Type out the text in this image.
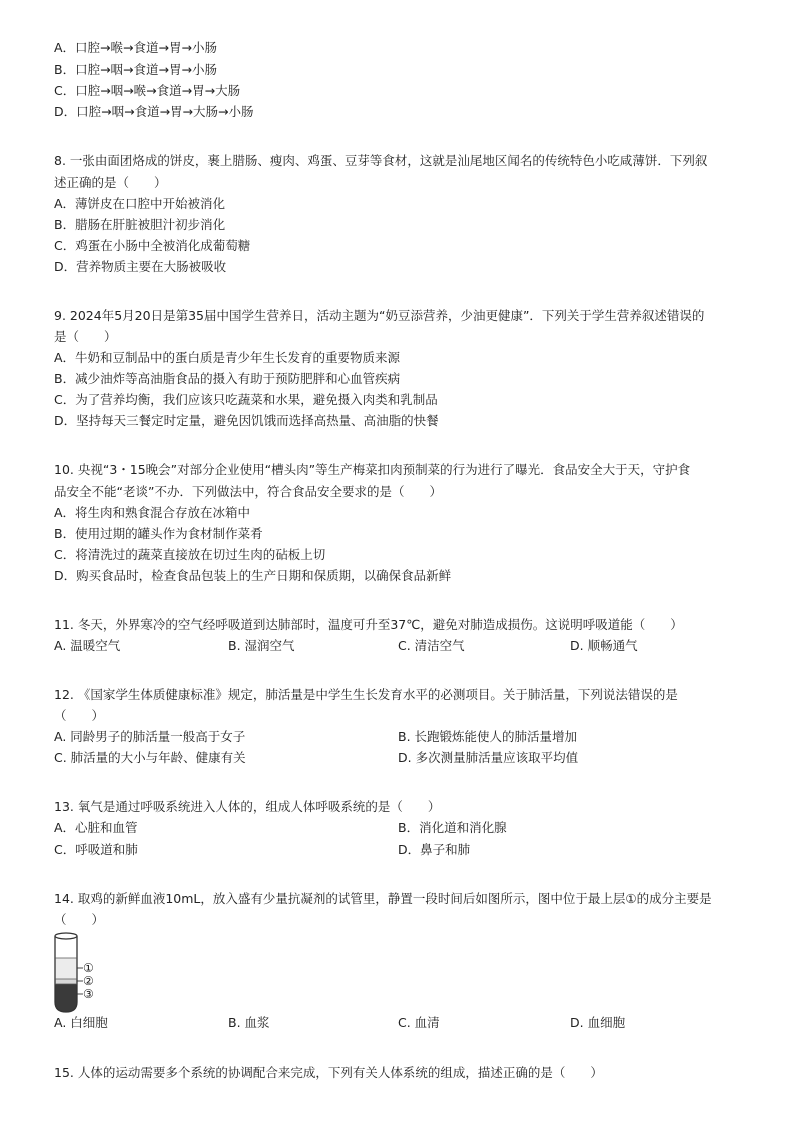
A．口腔→喉→食道→胃→小肠
B．口腔→咽→食道→胃→小肠
C．口腔→咽→喉→食道→胃→大肠
D．口腔→咽→食道→胃→大肠→小肠
8. 一张由面团烙成的饼皮，裹上腊肠、瘦肉、鸡蛋、豆芽等食材，这就是汕尾地区闻名的传统特色小吃咸薄饼．下列叙
述正确的是（　　）
A．薄饼皮在口腔中开始被消化
B．腊肠在肝脏被胆汁初步消化
C．鸡蛋在小肠中全被消化成葡萄糖
D．营养物质主要在大肠被吸收
9. 2024年5月20日是第35届中国学生营养日，活动主题为“奶豆添营养，少油更健康”．下列关于学生营养叙述错误的
是（　　）
A．牛奶和豆制品中的蛋白质是青少年生长发育的重要物质来源
B．减少油炸等高油脂食品的摄入有助于预防肥胖和心血管疾病
C．为了营养均衡，我们应该只吃蔬菜和水果，避免摄入肉类和乳制品
D．坚持每天三餐定时定量，避免因饥饿而选择高热量、高油脂的快餐
10. 央视“3・15晚会”对部分企业使用“槽头肉”等生产梅菜扣肉预制菜的行为进行了曝光．食品安全大于天，守护食
品安全不能“老谈”不办．下列做法中，符合食品安全要求的是（　　）
A．将生肉和熟食混合存放在冰箱中
B．使用过期的罐头作为食材制作菜肴
C．将清洗过的蔬菜直接放在切过生肉的砧板上切
D．购买食品时，检查食品包装上的生产日期和保质期，以确保食品新鲜
11. 冬天，外界寒冷的空气经呼吸道到达肺部时，温度可升至37℃，避免对肺造成损伤。这说明呼吸道能（　　）
A. 温暖空气	B. 湿润空气	C. 清洁空气	D. 顺畅通气
12. 《国家学生体质健康标准》规定，肺活量是中学生生长发育水平的必测项目。关于肺活量，下列说法错误的是
（　　）
A. 同龄男子的肺活量一般高于女子	B. 长跑锻炼能使人的肺活量增加
C. 肺活量的大小与年龄、健康有关	D. 多次测量肺活量应该取平均值
13. 氧气是通过呼吸系统进入人体的，组成人体呼吸系统的是（　　）
A．心脏和血管	B．消化道和消化腺
C．呼吸道和肺	D．鼻子和肺
14. 取鸡的新鲜血液10mL，放入盛有少量抗凝剂的试管里，静置一段时间后如图所示，图中位于最上层①的成分主要是
（　　）
①
②
③
A. 白细胞	B. 血浆	C. 血清	D. 血细胞
15. 人体的运动需要多个系统的协调配合来完成，下列有关人体系统的组成，描述正确的是（　　）
